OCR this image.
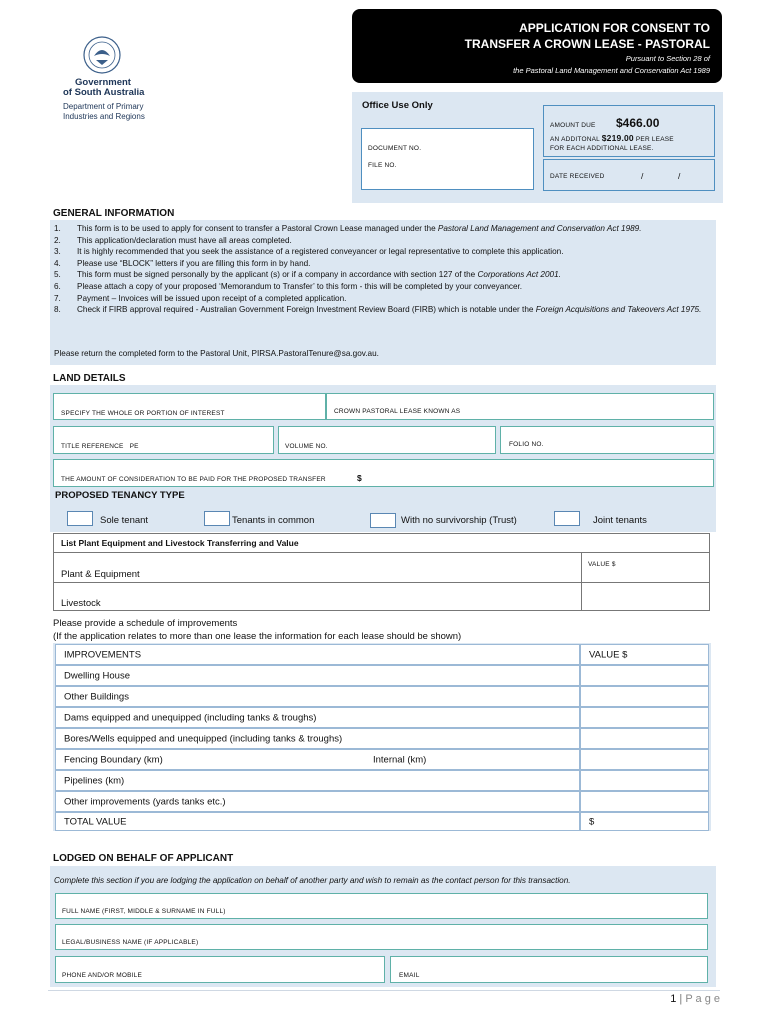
Government
of South Australia
Department of Primary
Industries and Regions
APPLICATION FOR CONSENT TO
TRANSFER A CROWN LEASE - PASTORAL
Pursuant to Section 28 of
the Pastoral Land Management and Conservation Act 1989
Office Use Only
DOCUMENT NO.
FILE NO.
AMOUNT DUE $466.00
AN ADDITONAL $219.00 PER LEASE
FOR EACH ADDITIONAL LEASE.
DATE RECEIVED	/	/
GENERAL INFORMATION
1. This form is to be used to apply for consent to transfer a Pastoral Crown Lease managed under the Pastoral Land Management and Conservation Act 1989.
2. This application/declaration must have all areas completed.
3. It is highly recommended that you seek the assistance of a registered conveyancer or legal representative to complete this application.
4. Please use “BLOCK” letters if you are filling this form in by hand.
5. This form must be signed personally by the applicant (s) or if a company in accordance with section 127 of the Corporations Act 2001.
6. Please attach a copy of your proposed ‘Memorandum to Transfer’ to this form - this will be completed by your conveyancer.
7. Payment – Invoices will be issued upon receipt of a completed application.
8. Check if FIRB approval required - Australian Government Foreign Investment Review Board (FIRB) which is notable under the Foreign Acquisitions and Takeovers Act 1975.
Please return the completed form to the Pastoral Unit, PIRSA.PastoralTenure@sa.gov.au.
LAND DETAILS
SPECIFY THE WHOLE OR PORTION OF INTEREST	CROWN PASTORAL LEASE KNOWN AS
TITLE REFERENCE   PE	VOLUME NO.	FOLIO NO.
THE AMOUNT OF CONSIDERATION TO BE PAID FOR THE PROPOSED TRANSFER	$
PROPOSED TENANCY TYPE
Sole tenant	Tenants in common	With no survivorship (Trust)	Joint tenants
List Plant Equipment and Livestock Transferring and Value
VALUE $
Plant & Equipment
Livestock
Please provide a schedule of improvements
(If the application relates to more than one lease the information for each lease should be shown)
IMPROVEMENTS	VALUE $
Dwelling House
Other Buildings
Dams equipped and unequipped (including tanks & troughs)
Bores/Wells equipped and unequipped (including tanks & troughs)
Fencing Boundary (km)	Internal (km)
Pipelines (km)
Other improvements (yards tanks etc.)
TOTAL VALUE	$
LODGED ON BEHALF OF APPLICANT
Complete this section if you are lodging the application on behalf of another party and wish to remain as the contact person for this transaction.
FULL NAME (FIRST, MIDDLE & SURNAME IN FULL)
LEGAL/BUSINESS NAME (IF APPLICABLE)
PHONE AND/OR MOBILE	EMAIL
1 | P a g e
